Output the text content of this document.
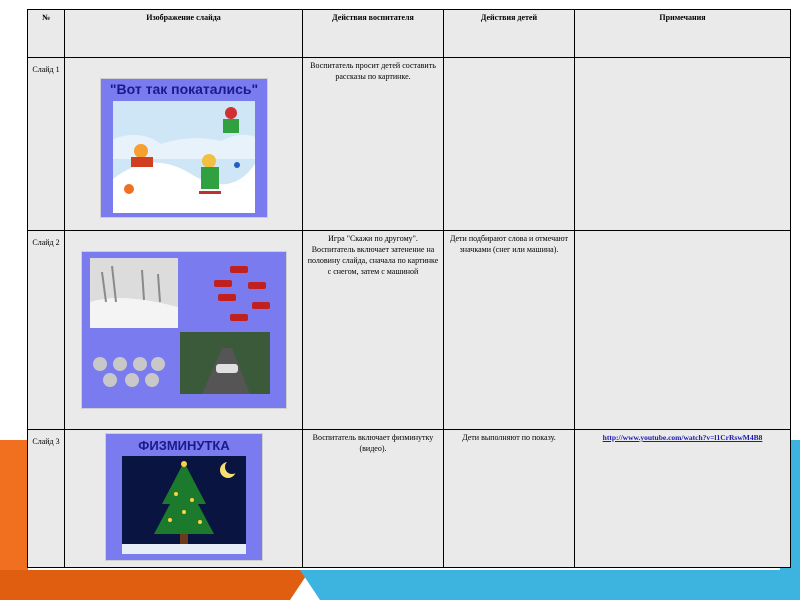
№	Изображение слайда	Действия воспитателя	Действия детей	Примечания
Слайд 1	"Вот так покатались"	Воспитатель просит детей составить рассказы по картинке.		
Слайд 2		Игра "Скажи по другому". Воспитатель включает затенение на половину слайда, сначала по картинке с снегом, затем с машиной	Дети подбирают слова и отмечают значками (снег или машина).	
Слайд 3	ФИЗМИНУТКА	Воспитатель включает физминутку (видео).	Дети выполняют по показу.	http://www.youtube.com/watch?v=l1CrRswM4B8
